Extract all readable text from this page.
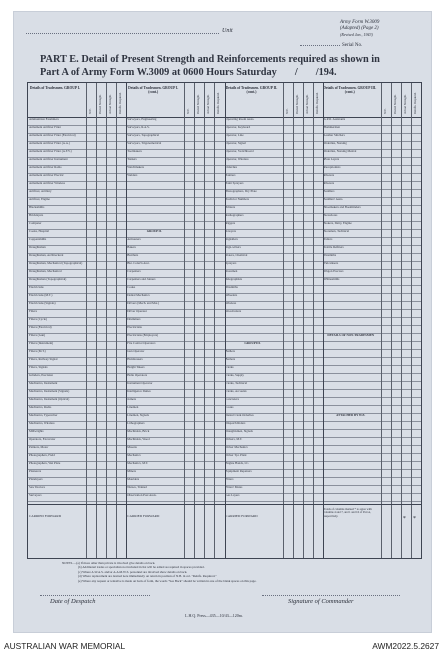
Unit
Army Form W.3009
(Adapted) (Page 2)
(Revised Jan., 1943)
Serial No.
PART E. Detail of Present Strength and Reinforcements required as shown in
Part A of Army Form W.3009 at 0600 Hours Saturday / /194.
Details of Tradesmen. GROUP I.
W.E. Posted Strength. Actual Strength. Reinfts. Required.
Ammunition Examiners
Armament Artificer Fitter
Armament Artificer Fitter (Electrical)
Armament Artificer Fitter (A.A.)
Armament Artificer Fitter (A.F.V.)
Armament Artificer Instrument
Armament Artificer Radio
Armament Artificer Electric
Armament Artificer Wireless
Artificer, Artillery
Artificer, Engine
Blacksmiths
Bricklayers
Computer
Cooks, Hospital
Coppersmiths
Draughtsmen
Draughtsmen, Architectural
Draughtsmen, Mechanical (Topographical)
Draughtsmen, Mechanical
Draughtsmen (Topographical)
Electricians
Electricians (M.T.)
Electricians (Signals)
Fitters
Fitters (Cycle)
Fitters (Electrical)
Fitters (Gun)
Fitters (Instrument)
Fitters (M.T.)
Fitters, Railway Signal
Fitters, Signals
Grinders, Precision
Mechanics, Instrument
Mechanics, Instrument (Signals)
Mechanics, Instrument (Optical)
Mechanics, Radio
Mechanics, Typewriter
Mechanics, Wireless
Millwrights
Operators, Excavator
Painters, Motor
Photographers, Field
Photographers, Wet Plate
Plasterers
Platelayers
Saw Doctors
Surveyors
CARRIED FORWARD
Details of Tradesmen. GROUP I. (cont.)
W.E. Posted Strength. Actual Strength. Reinfts. Required.
Surveyors, Engineering
Surveyors, R.A.S.
Surveyors, Topographical
Surveyors, Trigonometrical
Toolmakers
Turners
Watchmakers
Welders
GROUP II.
Armourers
Bakers
Butchers
Bkt. Const'n Asst.
Carpenters
Carpenters and Joiners
Cooks
Dental Mechanics
Drivers (Mech. and Mot.)
Driver Operator
Drummers
Electricians
Electricians (Employers)
Fire Control Operators
Gun Operator
Hairdressers
Height Takers
Helio Operators
Instrument Operator
Intelligence Duties
Joiners
Linemen
Linemen, Signals
Lithographers
Machinists, Brick
Machinists, Wood
Masons
Mechanics
Mechanics, M.T.
Miners
Moulders
Nurses, Trained
Observation Post Assts.
CARRIED FORWARD
Details of Tradesmen. GROUP II. (cont.)
W.E. Posted Strength. Actual Strength. Reinfts. Required.
Operating Room Assts.
Operator, Keyboard
Operator, Line
Operator, Signal
Operator, Switchboard
Operator, Wireless
Orderlies
Painters
Paint Sprayers
Photographers, Dry Plate
Predictor Numbers
Printers
Radiographers
Riggers
Sawyers
Signallers
Sign-writers
Slaters, Chemical
Sprayers
Storemen
Telegraphists
Tinsmiths
Wheelers
Wireless
Woodcutters
GROUP III.
Bathers
Barbers
Clerks
Clerks, Supply
Clerks, Technical
Clerks, Accounts
Concreters
Cooks
Dental Clerk Orderlies
Dispatch Riders
Draughtsmen, Signals
Drivers, M.T.
Driver Mechanics
Driver Tpt. Plant
Engine Hands, I.C.
Equipment Repairers
Fitters
Fitters' Mates
Gas Layers
CARRIED FORWARD
Details of Tradesmen. GROUP III. (cont.)
W.E. Posted Strength. Actual Strength. Reinfts. Required.
G.P.O. Assistants
Hammermen
Leather Stitchers
Orderlies, Nursing
Orderlies, Nursing Mental
Plate Layers
Receptionists
Riveters
Riveters
Saddlers
Saddlers' Assts.
Shoemakers and Bookbinders
Stevedores
Stokers, Dairy, Engine
Storemen, Technical
Tailors
Textile Refitters
Tinsmiths
Vulcanisers
Wagon Erectors
Whitesmiths
DETAILS OF NON-TRADESMEN
ATTACHED BY W.E.
Totals of columns marked * to agree with columns 4 and 7, and 1 and 16 of Part A, respectively.
* *
NOTES.—(a) If more other than private is involved give details on back.
(b) Additional trades or specialists not included in list will be added as required in spaces provided.
(c) Where A.W.A.S. and/or A.A.M.W.S. personnel are involved show details on back.
(d) Where replacement are desired note immediately on return in position of N.B. in col. "Reinfs. Required."
(e) Where any request or tentative is made on back of form, the words "See Back" should be written in one of the blank spaces on this page.
Date of Despatch	Signature of Commander
L.H.Q. Press—435—10/43—120m.
AUSTRALIAN WAR MEMORIAL	AWM2022.5.2627
